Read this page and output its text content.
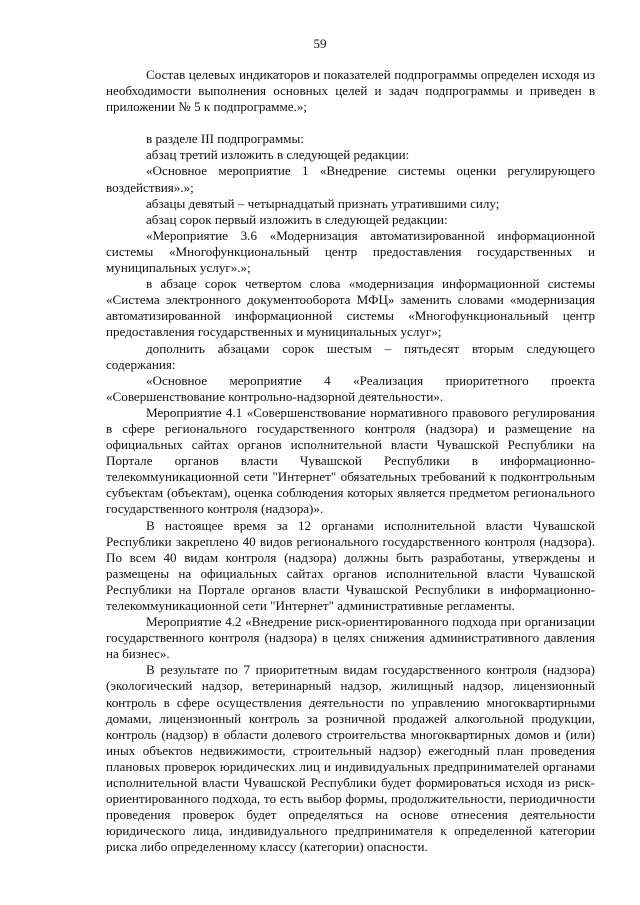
59

Состав целевых индикаторов и показателей подпрограммы определен исходя из необходимости выполнения основных целей и задач подпрограммы и приведен в приложении № 5 к подпрограмме.»;

в разделе III подпрограммы:

абзац третий изложить в следующей редакции:

«Основное мероприятие 1 «Внедрение системы оценки регулирующего воздействия».»;

абзацы девятый – четырнадцатый признать утратившими силу;

абзац сорок первый изложить в следующей редакции:

«Мероприятие 3.6 «Модернизация автоматизированной информационной системы «Многофункциональный центр предоставления государственных и муниципальных услуг».»;

в абзаце сорок четвертом слова «модернизация информационной системы «Система электронного документооборота МФЦ» заменить словами «модернизация автоматизированной информационной системы «Многофункциональный центр предоставления государственных и муниципальных услуг»;

дополнить абзацами сорок шестым – пятьдесят вторым следующего содержания:

«Основное мероприятие 4 «Реализация приоритетного проекта «Совершенствование контрольно-надзорной деятельности».

Мероприятие 4.1 «Совершенствование нормативного правового регулирования в сфере регионального государственного контроля (надзора) и размещение на официальных сайтах органов исполнительной власти Чувашской Республики на Портале органов власти Чувашской Республики в информационно-телекоммуникационной сети "Интернет" обязательных требований к подконтрольным субъектам (объектам), оценка соблюдения которых является предметом регионального государственного контроля (надзора)».

В настоящее время за 12 органами исполнительной власти Чувашской Республики закреплено 40 видов регионального государственного контроля (надзора). По всем 40 видам контроля (надзора) должны быть разработаны, утверждены и размещены на официальных сайтах органов исполнительной власти Чувашской Республики на Портале органов власти Чувашской Республики в информационно-телекоммуникационной сети "Интернет" административные регламенты.

Мероприятие 4.2 «Внедрение риск-ориентированного подхода при организации государственного контроля (надзора) в целях снижения административного давления на бизнес».

В результате по 7 приоритетным видам государственного контроля (надзора) (экологический надзор, ветеринарный надзор, жилищный надзор, лицензионный контроль в сфере осуществления деятельности по управлению многоквартирными домами, лицензионный контроль за розничной продажей алкогольной продукции, контроль (надзор) в области долевого строительства многоквартирных домов и (или) иных объектов недвижимости, строительный надзор) ежегодный план проведения плановых проверок юридических лиц и индивидуальных предпринимателей органами исполнительной власти Чувашской Республики будет формироваться исходя из риск-ориентированного подхода, то есть выбор формы, продолжительности, периодичности проведения проверок будет определяться на основе отнесения деятельности юридического лица, индивидуального предпринимателя к определенной категории риска либо определенному классу (категории) опасности.
